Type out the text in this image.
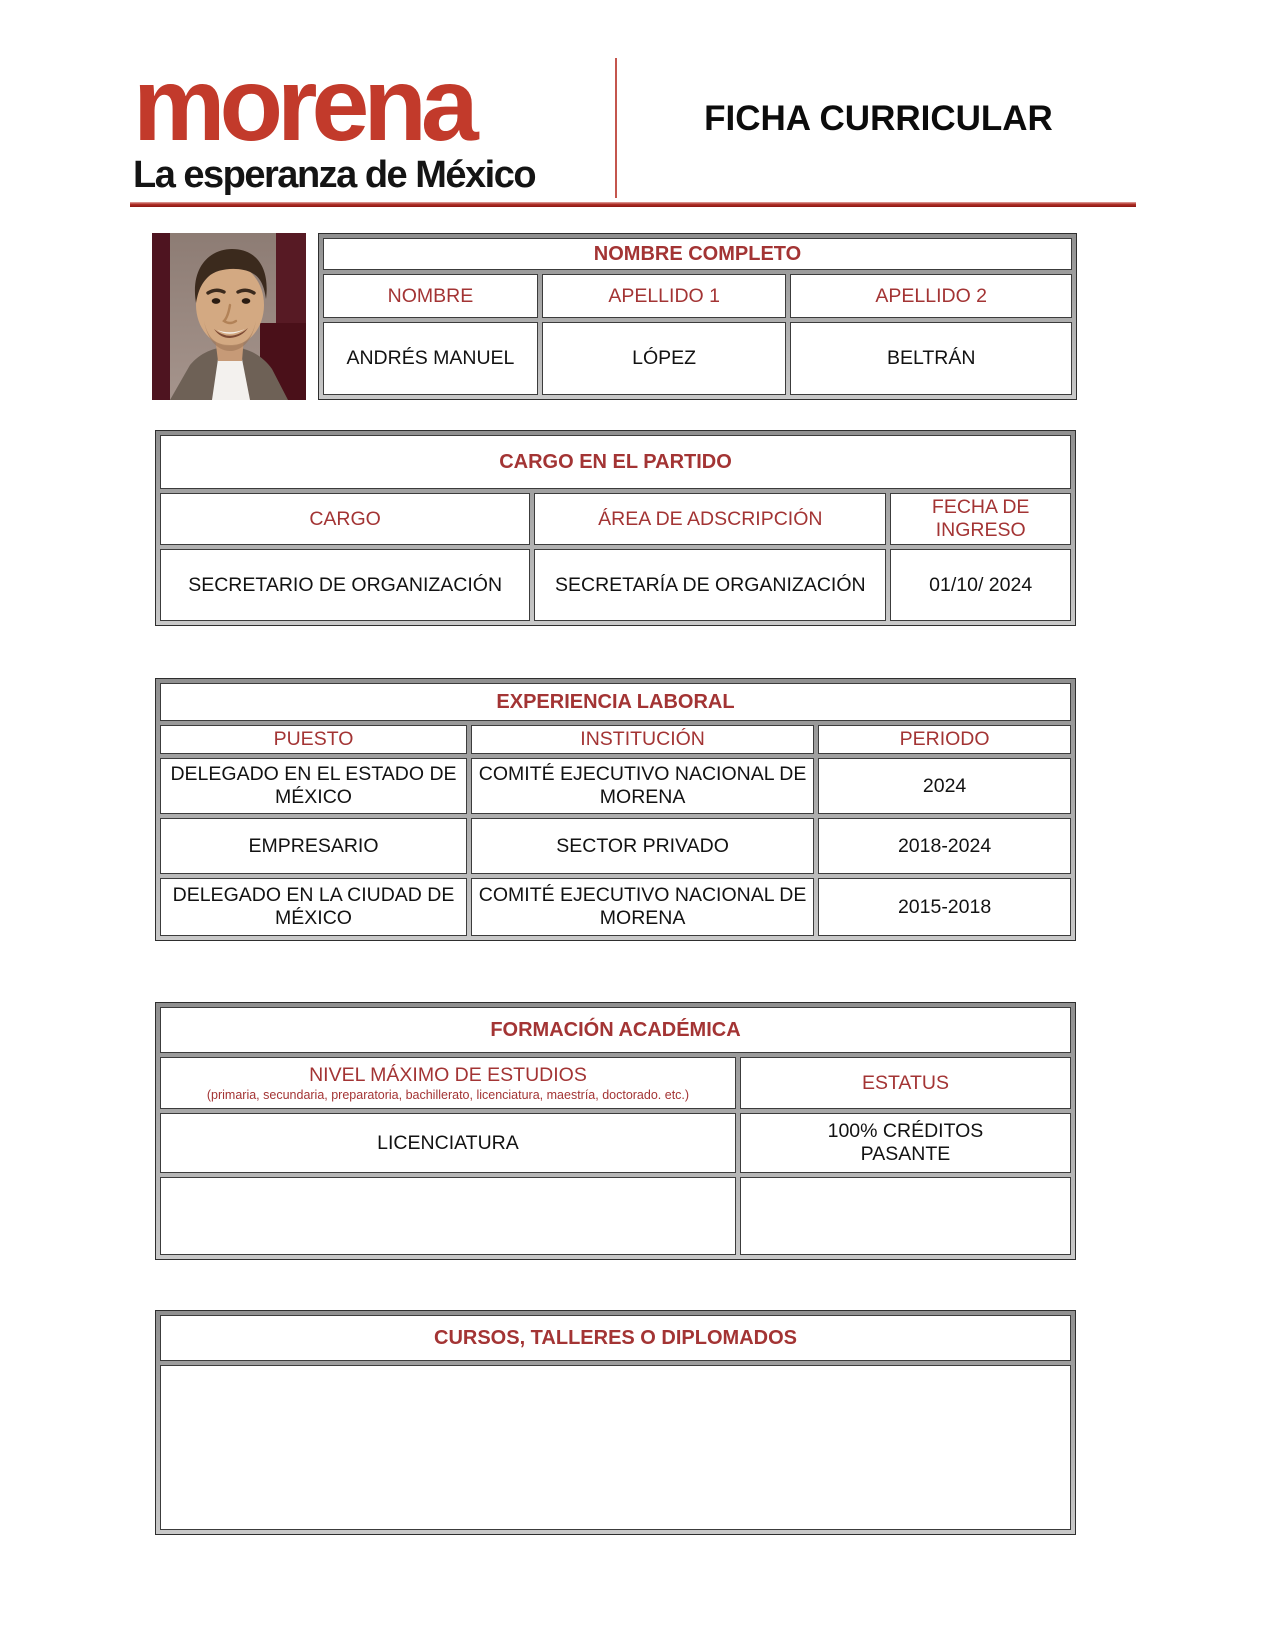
morena
La esperanza de México
FICHA CURRICULAR
NOMBRE COMPLETO		
NOMBRE	APELLIDO 1	APELLIDO 2
ANDRÉS MANUEL	LÓPEZ	BELTRÁN
CARGO EN EL PARTIDO		
CARGO	ÁREA DE ADSCRIPCIÓN	FECHA DE INGRESO

SECRETARIO DE ORGANIZACIÓN	SECRETARÍA DE ORGANIZACIÓN	01/10/ 2024
EXPERIENCIA LABORAL		
PUESTO	INSTITUCIÓN	PERIODO
DELEGADO EN EL ESTADO DE MÉXICO	COMITÉ EJECUTIVO NACIONAL DE MORENA	2024
EMPRESARIO	SECTOR PRIVADO	2018-2024
DELEGADO EN LA CIUDAD DE MÉXICO	COMITÉ EJECUTIVO NACIONAL DE MORENA	2015-2018
FORMACIÓN ACADÉMICA	
NIVEL MÁXIMO DE ESTUDIOS
(primaria, secundaria, preparatoria, bachillerato, licenciatura, maestría, doctorado. etc.)	ESTATUS
LICENCIATURA	100% CRÉDITOS PASANTE

CURSOS, TALLERES O DIPLOMADOS
